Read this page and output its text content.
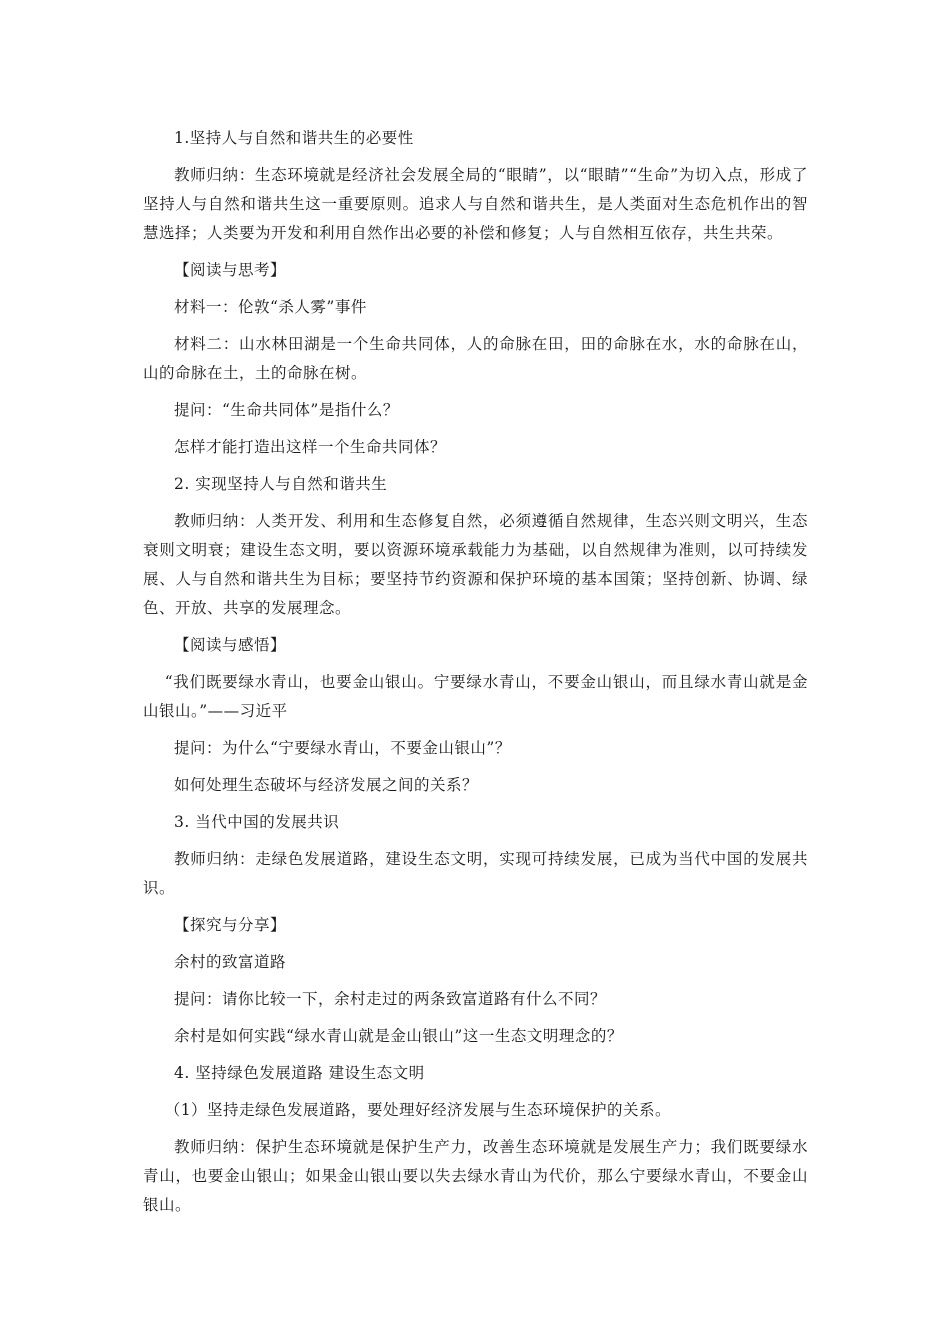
1.坚持人与自然和谐共生的必要性

教师归纳：生态环境就是经济社会发展全局的“眼睛”，以“眼睛”“生命”为切入点，形成了坚持人与自然和谐共生这一重要原则。追求人与自然和谐共生，是人类面对生态危机作出的智慧选择；人类要为开发和利用自然作出必要的补偿和修复；人与自然相互依存，共生共荣。

【阅读与思考】

材料一：伦敦“杀人雾”事件

材料二：山水林田湖是一个生命共同体，人的命脉在田，田的命脉在水，水的命脉在山，山的命脉在土，土的命脉在树。

提问：“生命共同体”是指什么？

怎样才能打造出这样一个生命共同体？

2. 实现坚持人与自然和谐共生

教师归纳：人类开发、利用和生态修复自然，必须遵循自然规律，生态兴则文明兴，生态衰则文明衰；建设生态文明，要以资源环境承载能力为基础，以自然规律为准则，以可持续发展、人与自然和谐共生为目标；要坚持节约资源和保护环境的基本国策；坚持创新、协调、绿色、开放、共享的发展理念。

【阅读与感悟】

“我们既要绿水青山，也要金山银山。宁要绿水青山，不要金山银山，而且绿水青山就是金山银山。”——习近平

提问：为什么“宁要绿水青山，不要金山银山”？

如何处理生态破坏与经济发展之间的关系？

3. 当代中国的发展共识

教师归纳：走绿色发展道路，建设生态文明，实现可持续发展，已成为当代中国的发展共识。

【探究与分享】

余村的致富道路

提问：请你比较一下，余村走过的两条致富道路有什么不同？

余村是如何实践“绿水青山就是金山银山”这一生态文明理念的？

4. 坚持绿色发展道路 建设生态文明

（1）坚持走绿色发展道路，要处理好经济发展与生态环境保护的关系。

教师归纳：保护生态环境就是保护生产力，改善生态环境就是发展生产力；我们既要绿水青山，也要金山银山；如果金山银山要以失去绿水青山为代价，那么宁要绿水青山，不要金山银山。
